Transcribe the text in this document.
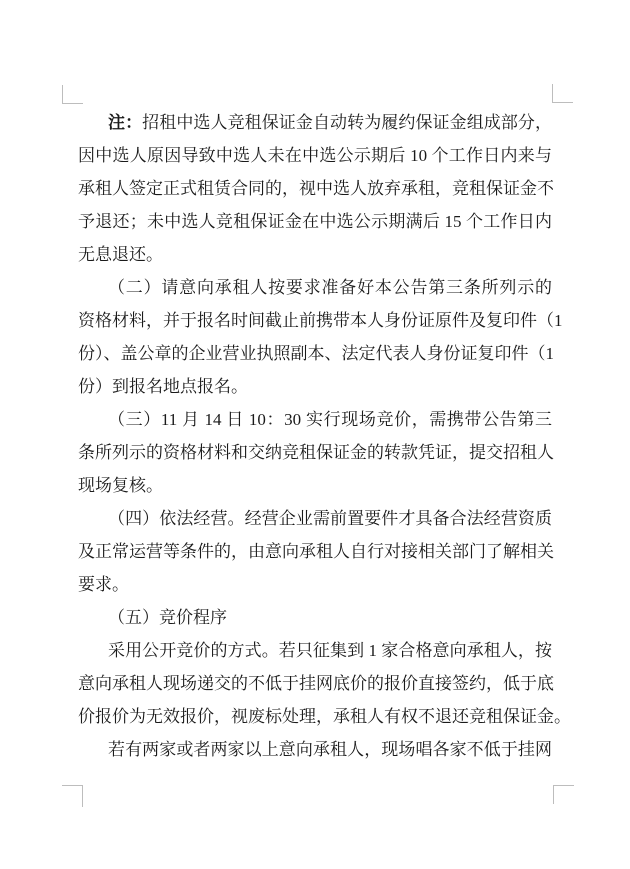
注：招租中选人竞租保证金自动转为履约保证金组成部分，
因中选人原因导致中选人未在中选公示期后 10 个工作日内来与
承租人签定正式租赁合同的，视中选人放弃承租，竞租保证金不
予退还；未中选人竞租保证金在中选公示期满后 15 个工作日内
无息退还。
（二）请意向承租人按要求准备好本公告第三条所列示的
资格材料，并于报名时间截止前携带本人身份证原件及复印件（1
份）、盖公章的企业营业执照副本、法定代表人身份证复印件（1
份）到报名地点报名。
（三）11 月 14 日 10：30 实行现场竞价，需携带公告第三
条所列示的资格材料和交纳竞租保证金的转款凭证，提交招租人
现场复核。
（四）依法经营。经营企业需前置要件才具备合法经营资质
及正常运营等条件的，由意向承租人自行对接相关部门了解相关
要求。
（五）竞价程序
采用公开竞价的方式。若只征集到 1 家合格意向承租人，按
意向承租人现场递交的不低于挂网底价的报价直接签约，低于底
价报价为无效报价，视废标处理，承租人有权不退还竞租保证金。
若有两家或者两家以上意向承租人，现场唱各家不低于挂网
